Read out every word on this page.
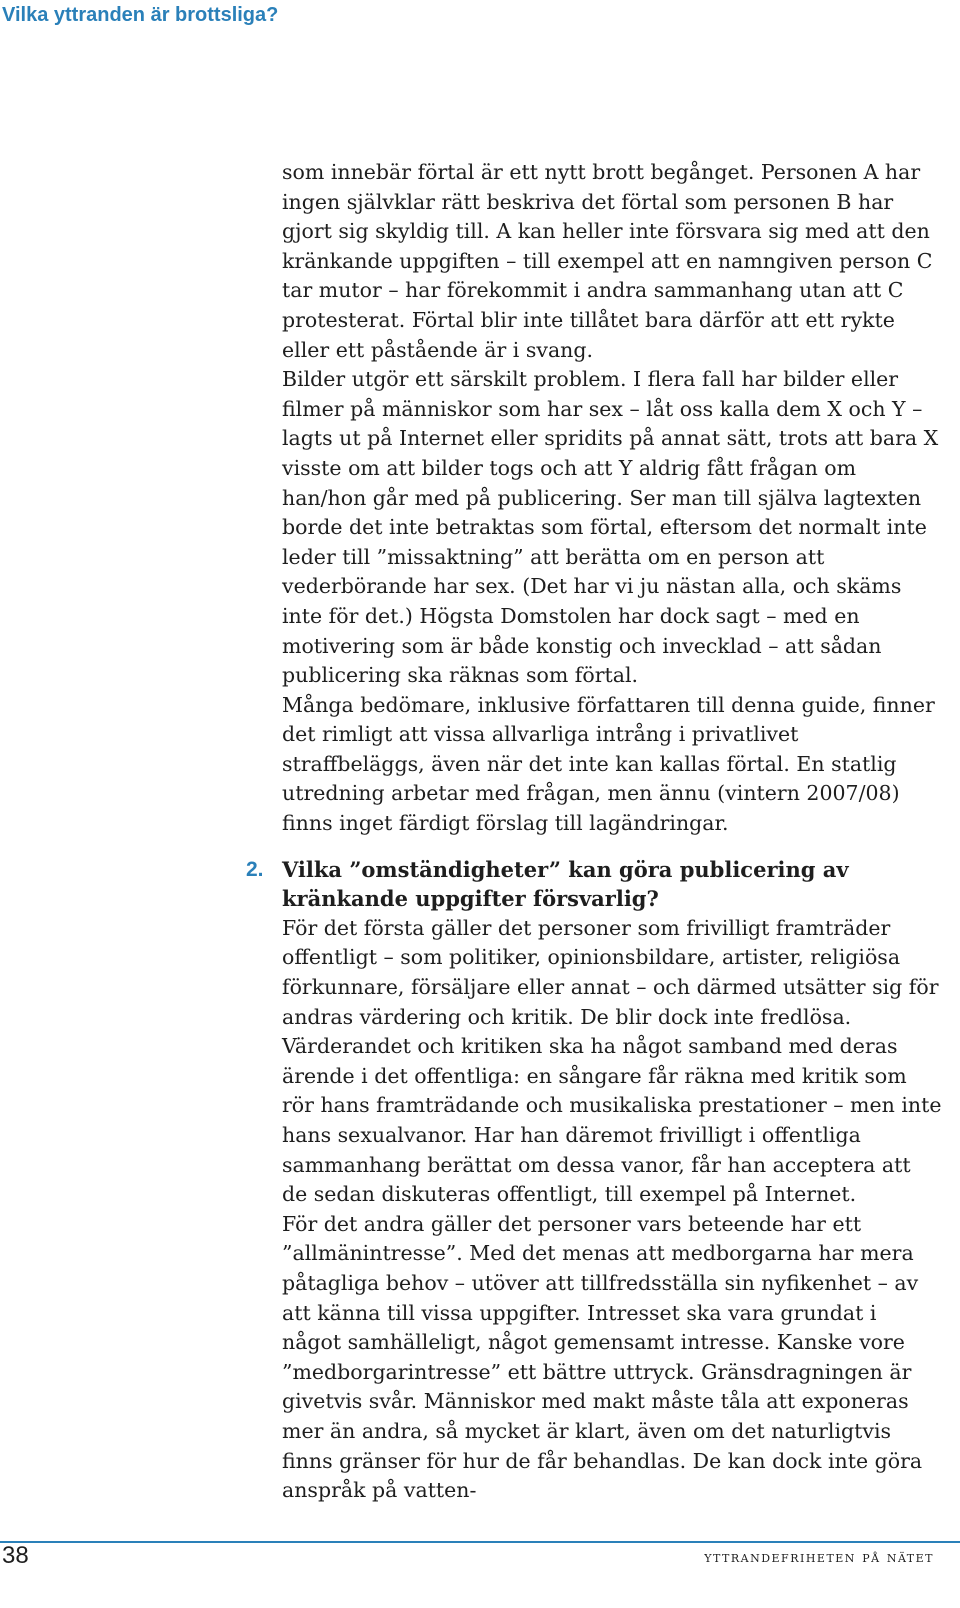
Vilka yttranden är brottsliga?

som innebär förtal är ett nytt brott begånget. Personen A har ingen självklar rätt beskriva det förtal som personen B har gjort sig skyldig till. A kan heller inte försvara sig med att den kränkande uppgiften – till exempel att en namngiven person C tar mutor – har förekommit i andra sammanhang utan att C protesterat. Förtal blir inte tillåtet bara därför att ett rykte eller ett påstående är i svang.

Bilder utgör ett särskilt problem. I flera fall har bilder eller filmer på människor som har sex – låt oss kalla dem X och Y – lagts ut på Internet eller spridits på annat sätt, trots att bara X visste om att bilder togs och att Y aldrig fått frågan om han/hon går med på publicering. Ser man till själva lagtexten borde det inte betraktas som förtal, eftersom det normalt inte leder till ”missaktning” att berätta om en person att vederbörande har sex. (Det har vi ju nästan alla, och skäms inte för det.) Högsta Domstolen har dock sagt – med en motivering som är både konstig och invecklad – att sådan publicering ska räknas som förtal.

Många bedömare, inklusive författaren till denna guide, finner det rimligt att vissa allvarliga intrång i privatlivet straffbeläggs, även när det inte kan kallas förtal. En statlig utredning arbetar med frågan, men ännu (vintern 2007/08) finns inget färdigt förslag till lagändringar.

2. Vilka ”omständigheter” kan göra publicering av kränkande uppgifter försvarlig?

För det första gäller det personer som frivilligt framträder offentligt – som politiker, opinionsbildare, artister, religiösa förkunnare, försäljare eller annat – och därmed utsätter sig för andras värdering och kritik. De blir dock inte fredlösa. Värderandet och kritiken ska ha något samband med deras ärende i det offentliga: en sångare får räkna med kritik som rör hans framträdande och musikaliska prestationer – men inte hans sexualvanor. Har han däremot frivilligt i offentliga sammanhang berättat om dessa vanor, får han acceptera att de sedan diskuteras offentligt, till exempel på Internet.

För det andra gäller det personer vars beteende har ett ”allmänintresse”. Med det menas att medborgarna har mera påtagliga behov – utöver att tillfredsställa sin nyfikenhet – av att känna till vissa uppgifter. Intresset ska vara grundat i något samhälleligt, något gemensamt intresse. Kanske vore ”medborgarintresse” ett bättre uttryck. Gränsdragningen är givetvis svår. Människor med makt måste tåla att exponeras mer än andra, så mycket är klart, även om det naturligtvis finns gränser för hur de får behandlas. De kan dock inte göra anspråk på vatten-

38	yttrandefriheten på nätet
